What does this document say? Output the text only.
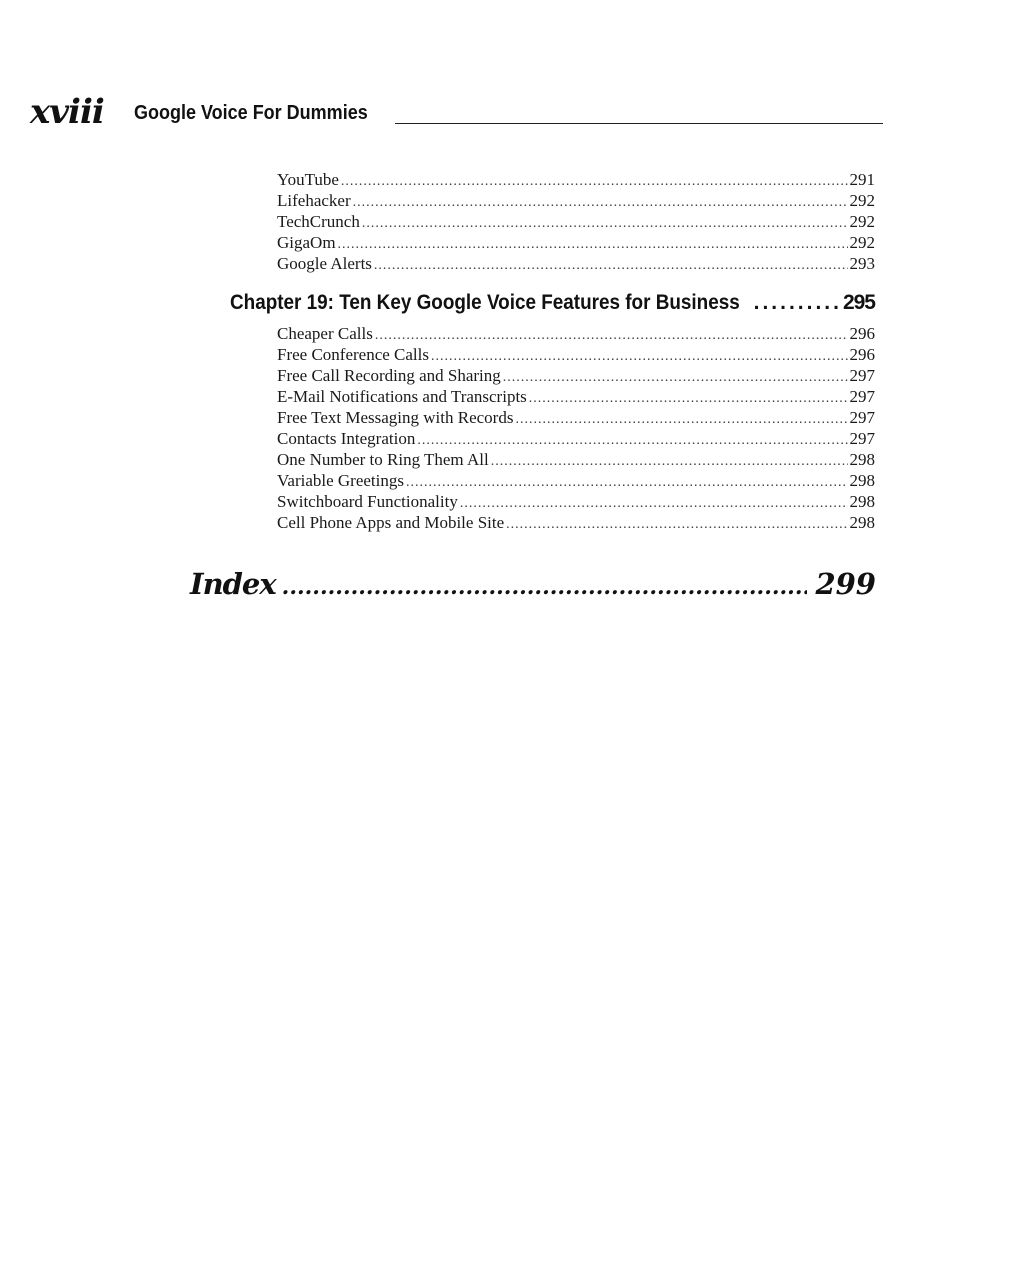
xviii Google Voice For Dummies
YouTube .....	291
Lifehacker .....	292
TechCrunch .....	292
GigaOm .....	292
Google Alerts .....	293
Chapter 19: Ten Key Google Voice Features for Business .....	295
Cheaper Calls .....	296
Free Conference Calls .....	296
Free Call Recording and Sharing .....	297
E-Mail Notifications and Transcripts .....	297
Free Text Messaging with Records .....	297
Contacts Integration .....	297
One Number to Ring Them All .....	298
Variable Greetings .....	298
Switchboard Functionality .....	298
Cell Phone Apps and Mobile Site .....	298
Index .....	299
